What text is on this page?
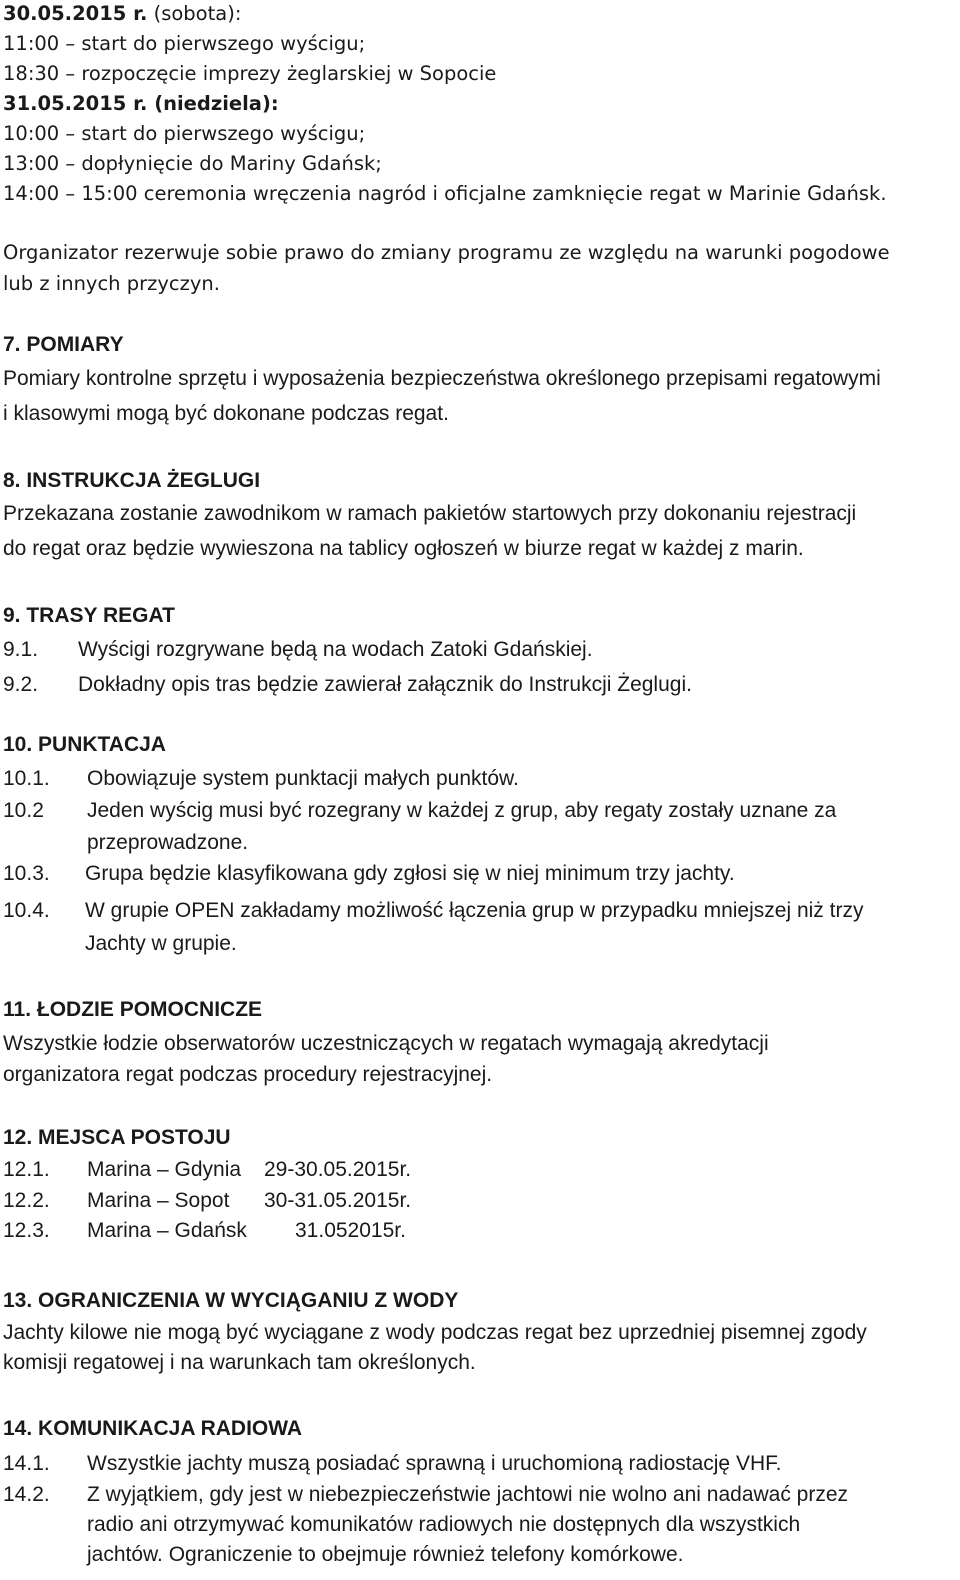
30.05.2015 r. (sobota):
11:00 – start do pierwszego wyścigu;
18:30 – rozpoczęcie imprezy żeglarskiej w Sopocie
31.05.2015 r. (niedziela):
10:00 – start do pierwszego wyścigu;
13:00 – dopłynięcie do Mariny Gdańsk;
14:00 – 15:00 ceremonia wręczenia nagród i oficjalne zamknięcie regat w Marinie Gdańsk.
Organizator rezerwuje sobie prawo do zmiany programu ze względu na warunki pogodowe
lub z innych przyczyn.
7. POMIARY
Pomiary kontrolne sprzętu i wyposażenia bezpieczeństwa określonego przepisami regatowymi
i klasowymi mogą być dokonane podczas regat.
8. INSTRUKCJA ŻEGLUGI
Przekazana zostanie zawodnikom w ramach pakietów startowych przy dokonaniu rejestracji
do regat oraz będzie wywieszona na tablicy ogłoszeń w biurze regat w każdej z marin.
9. TRASY REGAT
9.1. Wyścigi rozgrywane będą na wodach Zatoki Gdańskiej.
9.2. Dokładny opis tras będzie zawierał załącznik do Instrukcji Żeglugi.
10. PUNKTACJA
10.1. Obowiązuje system punktacji małych punktów.
10.2 Jeden wyścig musi być rozegrany w każdej z grup, aby regaty zostały uznane za
przeprowadzone.
10.3. Grupa będzie klasyfikowana gdy zgłosi się w niej minimum trzy jachty.
10.4. W grupie OPEN zakładamy możliwość łączenia grup w przypadku mniejszej niż trzy
Jachty w grupie.
11. ŁODZIE POMOCNICZE
Wszystkie łodzie obserwatorów uczestniczących w regatach wymagają akredytacji
organizatora regat podczas procedury rejestracyjnej.
12. MEJSCA POSTOJU
12.1. Marina – Gdynia 29-30.05.2015r.
12.2. Marina – Sopot 30-31.05.2015r.
12.3. Marina – Gdańsk 31.052015r.
13. OGRANICZENIA W WYCIĄGANIU Z WODY
Jachty kilowe nie mogą być wyciągane z wody podczas regat bez uprzedniej pisemnej zgody
komisji regatowej i na warunkach tam określonych.
14. KOMUNIKACJA RADIOWA
14.1. Wszystkie jachty muszą posiadać sprawną i uruchomioną radiostację VHF.
14.2. Z wyjątkiem, gdy jest w niebezpieczeństwie jachtowi nie wolno ani nadawać przez
radio ani otrzymywać komunikatów radiowych nie dostępnych dla wszystkich
jachtów. Ograniczenie to obejmuje również telefony komórkowe.
